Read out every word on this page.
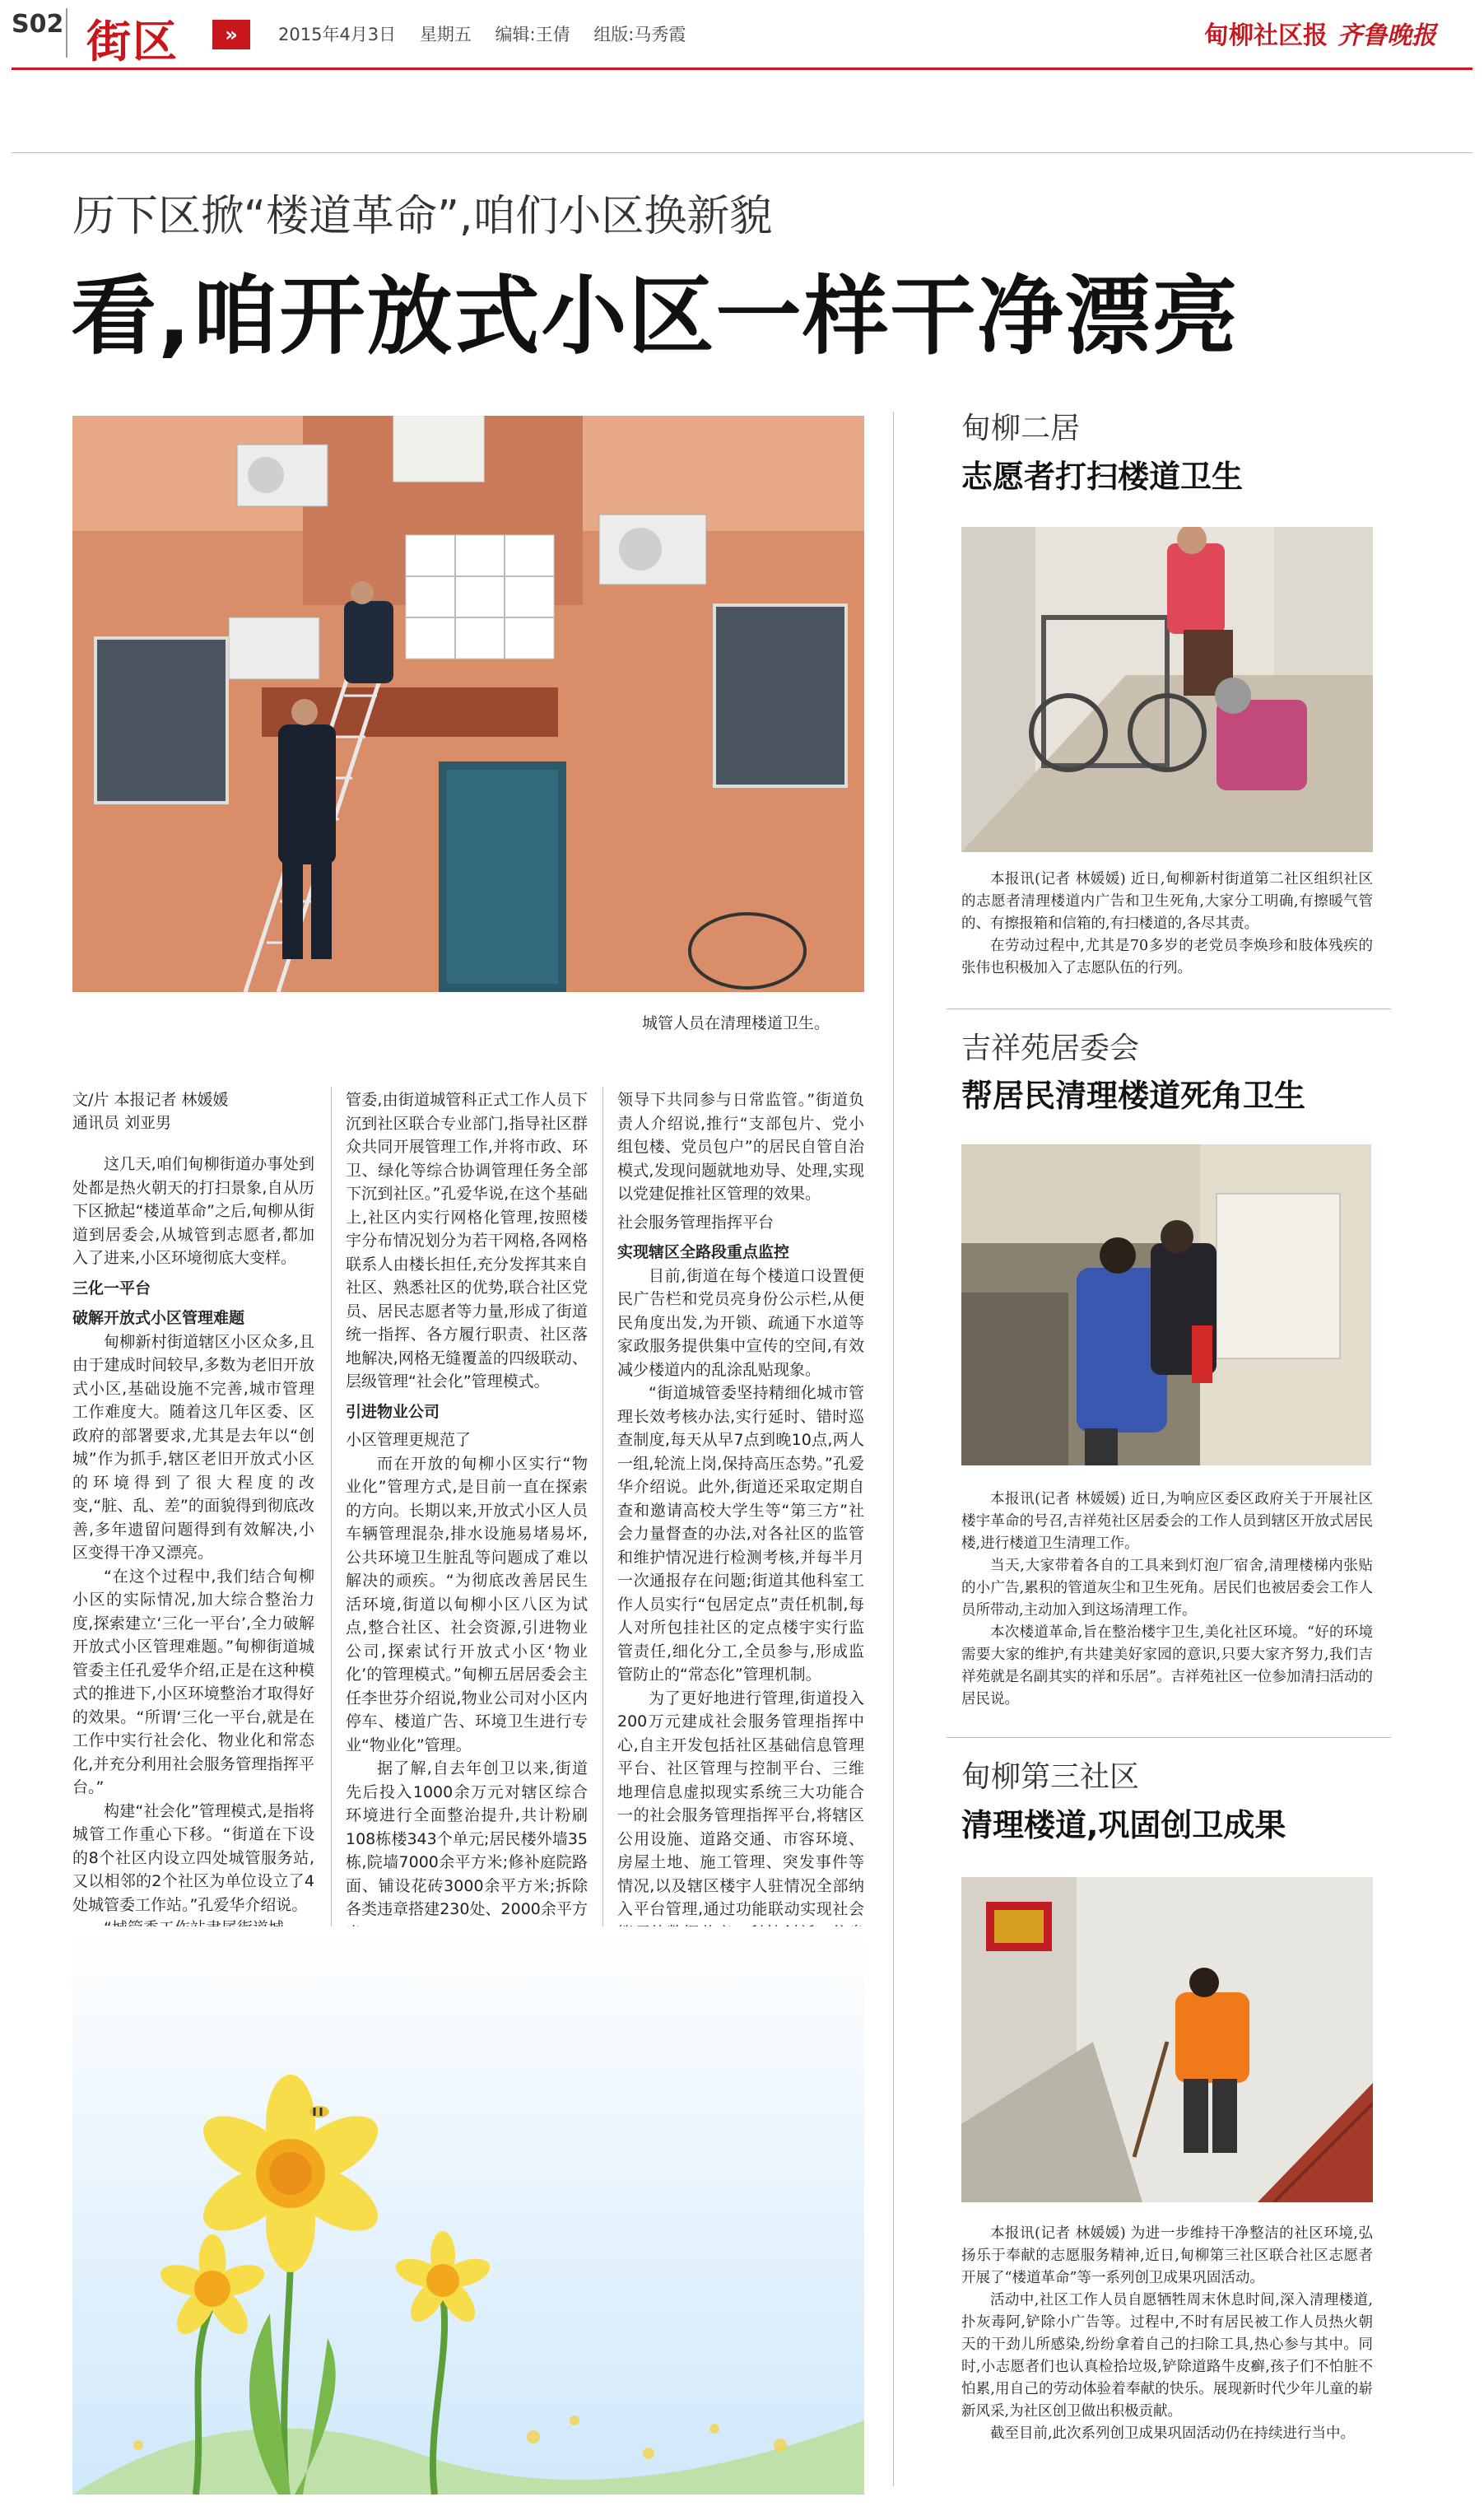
S02 街区	»	2015年4月3日 星期五 编辑:王倩 组版:马秀霞	甸柳社区报 齐鲁晚报
历下区掀“楼道革命”,咱们小区换新貌
看,咱开放式小区一样干净漂亮
城管人员在清理楼道卫生。
文/片 本报记者 林媛媛
通讯员 刘亚男

这几天,咱们甸柳街道办事处到处都是热火朝天的打扫景象,自从历下区掀起“楼道革命”之后,甸柳从街道到居委会,从城管到志愿者,都加入了进来,小区环境彻底大变样。

三化一平台

破解开放式小区管理难题

甸柳新村街道辖区小区众多,且由于建成时间较早,多数为老旧开放式小区,基础设施不完善,城市管理工作难度大。随着这几年区委、区政府的部署要求,尤其是去年以“创城”作为抓手,辖区老旧开放式小区的环境得到了很大程度的改变,“脏、乱、差”的面貌得到彻底改善,多年遗留问题得到有效解决,小区变得干净又漂亮。

“在这个过程中,我们结合甸柳小区的实际情况,加大综合整治力度,探索建立‘三化一平台’,全力破解开放式小区管理难题。”甸柳街道城管委主任孔爱华介绍,正是在这种模式的推进下,小区环境整治才取得好的效果。“所谓‘三化一平台,就是在工作中实行社会化、物业化和常态化,并充分利用社会服务管理指挥平台。”

构建“社会化”管理模式,是指将城管工作重心下移。“街道在下设的8个社区内设立四处城管服务站,又以相邻的2个社区为单位设立了4处城管委工作站。”孔爱华介绍说。

管委,由街道城管科正式工作人员下沉到社区联合专业部门,指导社区群众共同开展管理工作,并将市政、环卫、绿化等综合协调管理任务全部下沉到社区。”孔爱华说,在这个基础上,社区内实行网格化管理,按照楼宇分布情况划分为若干网格,各网格联系人由楼长担任,充分发挥其来自社区、熟悉社区的优势,联合社区党员、居民志愿者等力量,形成了街道统一指挥、各方履行职责、社区落地解决,网格无缝覆盖的四级联动、层级管理“社会化”管理模式。

引进物业公司

小区管理更规范了

而在开放的甸柳小区实行“物业化”管理方式,是目前一直在探索的方向。长期以来,开放式小区人员车辆管理混杂,排水设施易堵易坏,公共环境卫生脏乱等问题成了难以解决的顽疾。“为彻底改善居民生活环境,街道以甸柳小区八区为试点,整合社区、社会资源,引进物业公司,探索试行开放式小区‘物业化’的管理模式。”甸柳五居居委会主任李世芬介绍说,物业公司对小区内停车、楼道广告、环境卫生进行专业“物业化”管理。

据了解,自去年创卫以来,街道先后投入1000余万元对辖区综合环境进行全面整治提升,共计粉刷108栋楼343个单元;居民楼外墙35栋,院墙7000余平方米;修补庭院路面、铺设花砖3000余平方米;拆除各类违章搭建230处、2000余平方

领导下共同参与日常监管。”街道负责人介绍说,推行“支部包片、党小组包楼、党员包户”的居民自管自治模式,发现问题就地劝导、处理,实现以党建促推社区管理的效果。

社会服务管理指挥平台

实现辖区全路段重点监控

目前,街道在每个楼道口设置便民广告栏和党员亮身份公示栏,从便民角度出发,为开锁、疏通下水道等家政服务提供集中宣传的空间,有效减少楼道内的乱涂乱贴现象。

“街道城管委坚持精细化城市管理长效考核办法,实行延时、错时巡查制度,每天从早7点到晚10点,两人一组,轮流上岗,保持高压态势。”孔爱华介绍说。此外,街道还采取定期自查和邀请高校大学生等“第三方”社会力量督查的办法,对各社区的监管和维护情况进行检测考核,并每半月一次通报存在问题;街道其他科室工作人员实行“包居定点”责任机制,每人对所包挂社区的定点楼宇实行监管责任,细化分工,全员参与,形成监管防止的“常态化”管理机制。

为了更好地进行管理,街道投入200万元建成社会服务管理指挥中心,自主开发包括社区基础信息管理平台、社区管理与控制平台、三维地理信息虚拟现实系统三大功能合一的社会服务管理指挥平台,将辖区公用设施、道路交通、市容环境、房屋土地、施工管理、突发事件等情况,以及辖区楼宇人驻情况全部纳入平台管理,通过功能联动实现社会

甸柳二居
志愿者打扫楼道卫生

本报讯(记者 林媛媛) 近日,甸柳新村街道第二社区组织社区的志愿者清理楼道内广告和卫生死角,大家分工明确,有擦暖气管的、有擦报箱和信箱的,有扫楼道的,各尽其责。

在劳动过程中,尤其是70多岁的老党员李焕珍和肢体残疾的张伟也积极加入了志愿队伍的行列。

吉祥苑居委会
帮居民清理楼道死角卫生

本报讯(记者 林媛媛) 近日,为响应区委区政府关于开展社区楼宇革命的号召,吉祥苑社区居委会的工作人员到辖区开放式居民楼,进行楼道卫生清理工作。

当天,大家带着各自的工具来到灯泡厂宿舍,清理楼梯内张贴的小广告,累积的管道灰尘和卫生死角。居民们也被居委会工作人员所带动,主动加入到这场清理工作。

本次楼道革命,旨在整治楼宇卫生,美化社区环境。“好的环境需要大家的维护,有共建美好家园的意识,只要大家齐努力,我们吉祥苑就是名副其实的祥和乐居”。吉祥苑社区一位参加清扫活动的居民说。

甸柳第三社区
清理楼道,巩固创卫成果

本报讯(记者 林媛媛) 为进一步维持干净整洁的社区环境,弘扬乐于奉献的志愿服务精神,近日,甸柳第三社区联合社区志愿者开展了“楼道革命”等一系列创卫成果巩固活动。

活动中,社区工作人员自愿牺牲周末休息时间,深入清理楼道,扑灰毒阿,铲除小广告等。过程中,不时有居民被工作人员热火朝天的干劲儿所感染,纷纷拿着自己的扫除工具,热心参与其中。同时,小志愿者们也认真检拾垃圾,铲除道路牛皮癣,孩子们不怕脏不怕累,用自己的劳动体验着奉献的快乐。展现新时代少年儿童的崭新风采,为社区创卫做出积极贡献。

截至目前,此次系列创卫成果巩固活动仍在持续进行当中。
